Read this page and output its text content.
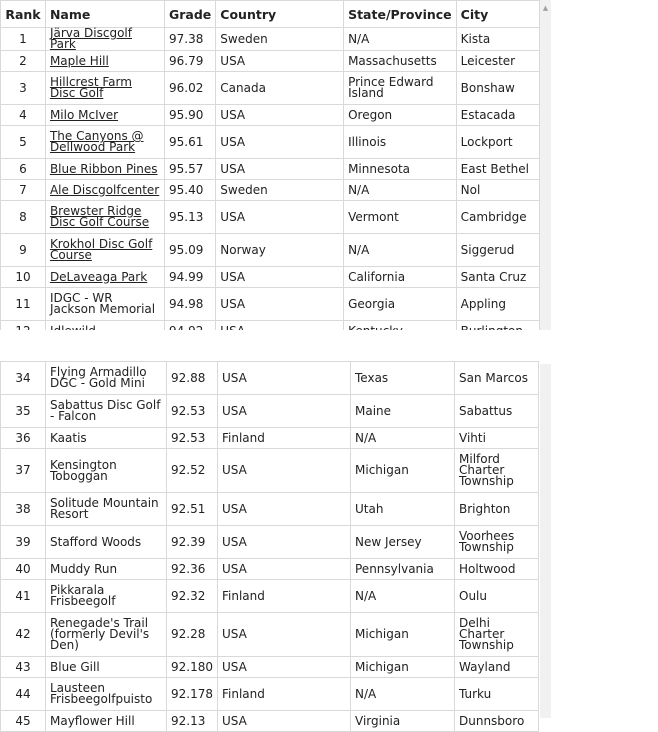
Rank	Name	Grade	Country	State/Province	City
1	Järva Discgolf Park	97.38	Sweden	N/A	Kista
2	Maple Hill	96.79	USA	Massachusetts	Leicester
3	Hillcrest Farm Disc Golf	96.02	Canada	Prince Edward Island	Bonshaw
4	Milo McIver	95.90	USA	Oregon	Estacada
5	The Canyons @ Dellwood Park	95.61	USA	Illinois	Lockport
6	Blue Ribbon Pines	95.57	USA	Minnesota	East Bethel
7	Ale Discgolfcenter	95.40	Sweden	N/A	Nol
8	Brewster Ridge Disc Golf Course	95.13	USA	Vermont	Cambridge
9	Krokhol Disc Golf Course	95.09	Norway	N/A	Siggerud
10	DeLaveaga Park	94.99	USA	California	Santa Cruz
11	IDGC - WR Jackson Memorial	94.98	USA	Georgia	Appling

▲
34	Flying Armadillo DGC - Gold Mini	92.88	USA	Texas	San Marcos
35	Sabattus Disc Golf - Falcon	92.53	USA	Maine	Sabattus
36	Kaatis	92.53	Finland	N/A	Vihti
37	Kensington Toboggan	92.52	USA	Michigan	Milford Charter Township
38	Solitude Mountain Resort	92.51	USA	Utah	Brighton
39	Stafford Woods	92.39	USA	New Jersey	Voorhees Township
40	Muddy Run	92.36	USA	Pennsylvania	Holtwood
41	Pikkarala Frisbeegolf	92.32	Finland	N/A	Oulu
42	Renegade's Trail (formerly Devil's Den)	92.28	USA	Michigan	Delhi Charter Township
43	Blue Gill	92.180	USA	Michigan	Wayland
44	Lausteen Frisbeegolfpuisto	92.178	Finland	N/A	Turku
45	Mayflower Hill	92.13	USA	Virginia	Dunnsboro
